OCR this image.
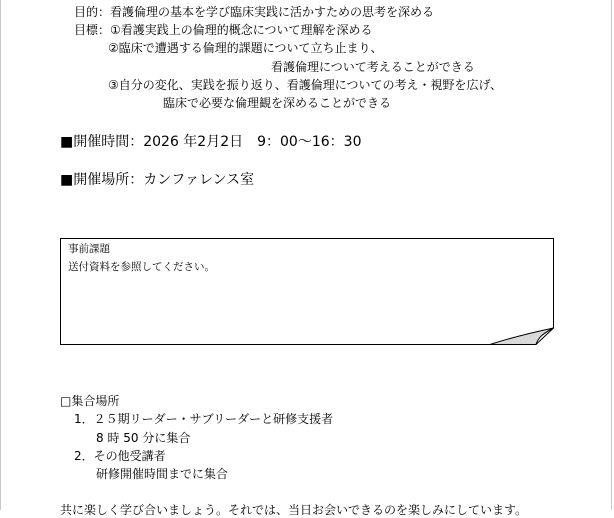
目的：看護倫理の基本を学び臨床実践に活かすための思考を深める
目標：①看護実践上の倫理的概念について理解を深める
②臨床で遭遇する倫理的課題について立ち止まり、
看護倫理について考えることができる
③自分の変化、実践を振り返り、看護倫理についての考え・視野を広げ、
臨床で必要な倫理観を深めることができる
■開催時間：2026 年2月2日　9：00～16：30
■開催場所：カンファレンス室
事前課題
送付資料を参照してください。
□集合場所
1．２５期リーダー・サブリーダーと研修支援者
8 時 50 分に集合
2．その他受講者
研修開催時間までに集合
共に楽しく学び合いましょう。それでは、当日お会いできるのを楽しみにしています。
